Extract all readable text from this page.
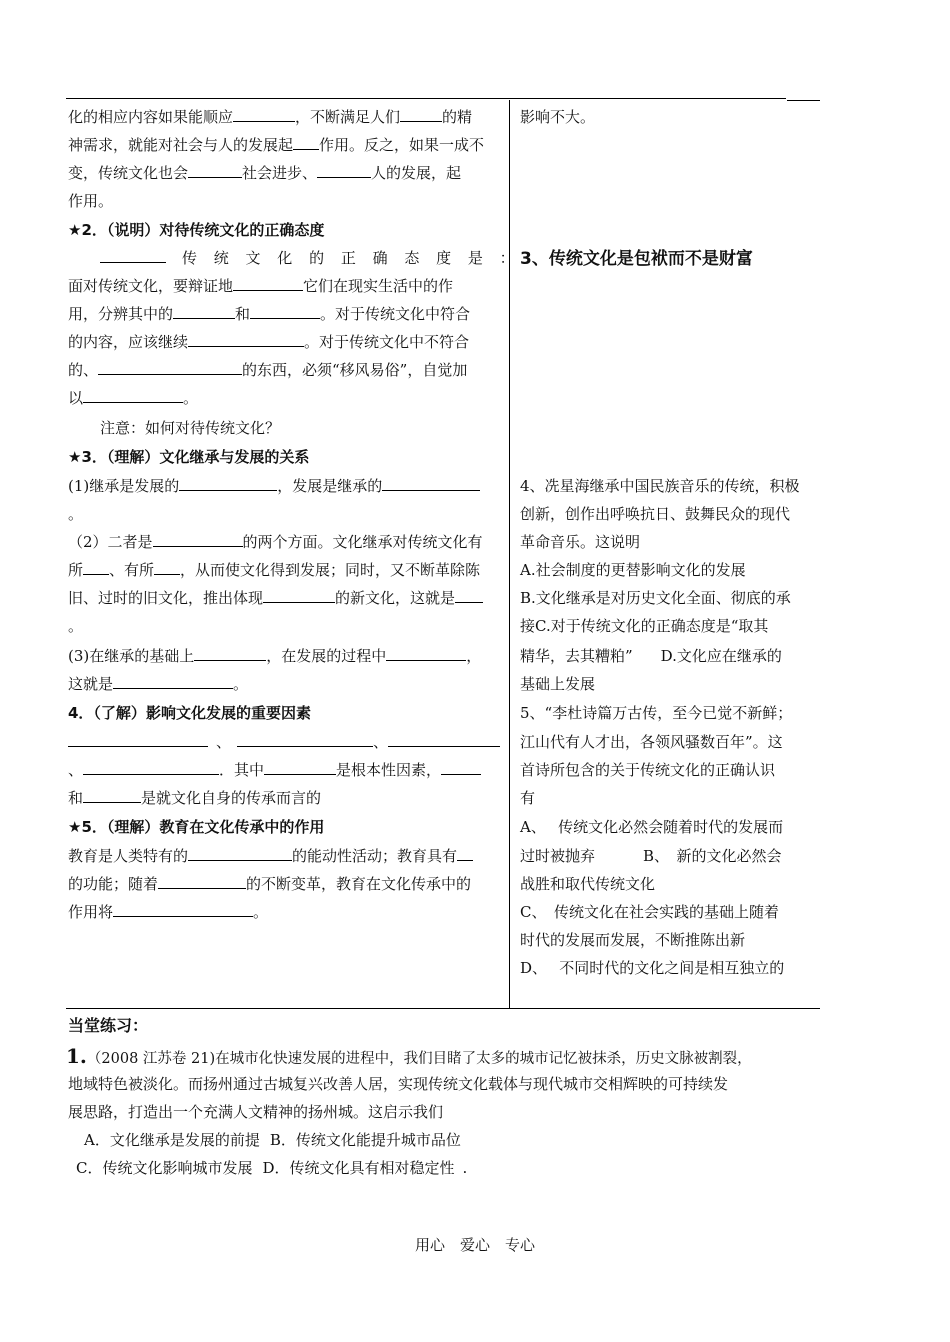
化的相应内容如果能顺应	，不断满足人们	的精
神需求，就能对社会与人的发展起 作用。反之，如果一成不
变，传统文化也会	社会进步、	人的发展，起
作用。
★2．（说明）对待传统文化的正确态度
传 统 文 化 的 正 确 态 度 是 ：
面对传统文化，要辩证地	它们在现实生活中的作
用，分辨其中的	和	。对于传统文化中符合
的内容，应该继续	。对于传统文化中不符合
的、	的东西，必须“移风易俗”，自觉加
以	。
注意：如何对待传统文化？
★3．（理解）文化继承与发展的关系
(1)继承是发展的	，发展是继承的
。
（2）二者是	的两个方面。文化继承对传统文化有
所 、有所 ，从而使文化得到发展；同时，又不断革除陈
旧、过时的旧文化，推出体现	的新文化，这就是
。
(3)在继承的基础上	，在发展的过程中	，
这就是	。
4．（了解）影响文化发展的重要因素
、	、
、	．其中	是根本性因素，
和	是就文化自身的传承而言的
★5．（理解）教育在文化传承中的作用
教育是人类特有的	的能动性活动；教育具有
的功能；随着	的不断变革，教育在文化传承中的
作用将	。
影响不大。
3、传统文化是包袱而不是财富
4、冼星海继承中国民族音乐的传统，积极
创新，创作出呼唤抗日、鼓舞民众的现代
革命音乐。这说明
A.社会制度的更替影响文化的发展
B.文化继承是对历史文化全面、彻底的承
接C.对于传统文化的正确态度是“取其
精华，去其糟粕” D.文化应在继承的
基础上发展
5、“李杜诗篇万古传，至今已觉不新鲜；
江山代有人才出，各领风骚数百年”。这
首诗所包含的关于传统文化的正确认识
有
A、　 传统文化必然会随着时代的发展而
过时被抛弃	B、　新的文化必然会
战胜和取代传统文化
C、　传统文化在社会实践的基础上随着
时代的发展而发展，不断推陈出新
D、　 不同时代的文化之间是相互独立的
当堂练习：
1.（2008 江苏卷 21)在城市化快速发展的进程中，我们目睹了太多的城市记忆被抹杀，历史文脉被割裂，
地域特色被淡化。而扬州通过古城复兴改善人居，实现传统文化载体与现代城市交相辉映的可持续发
展思路，打造出一个充满人文精神的扬州城。这启示我们
A．文化继承是发展的前提 B．传统文化能提升城市品位
C．传统文化影响城市发展 D．传统文化具有相对稳定性 .
用心　爱心　专心
